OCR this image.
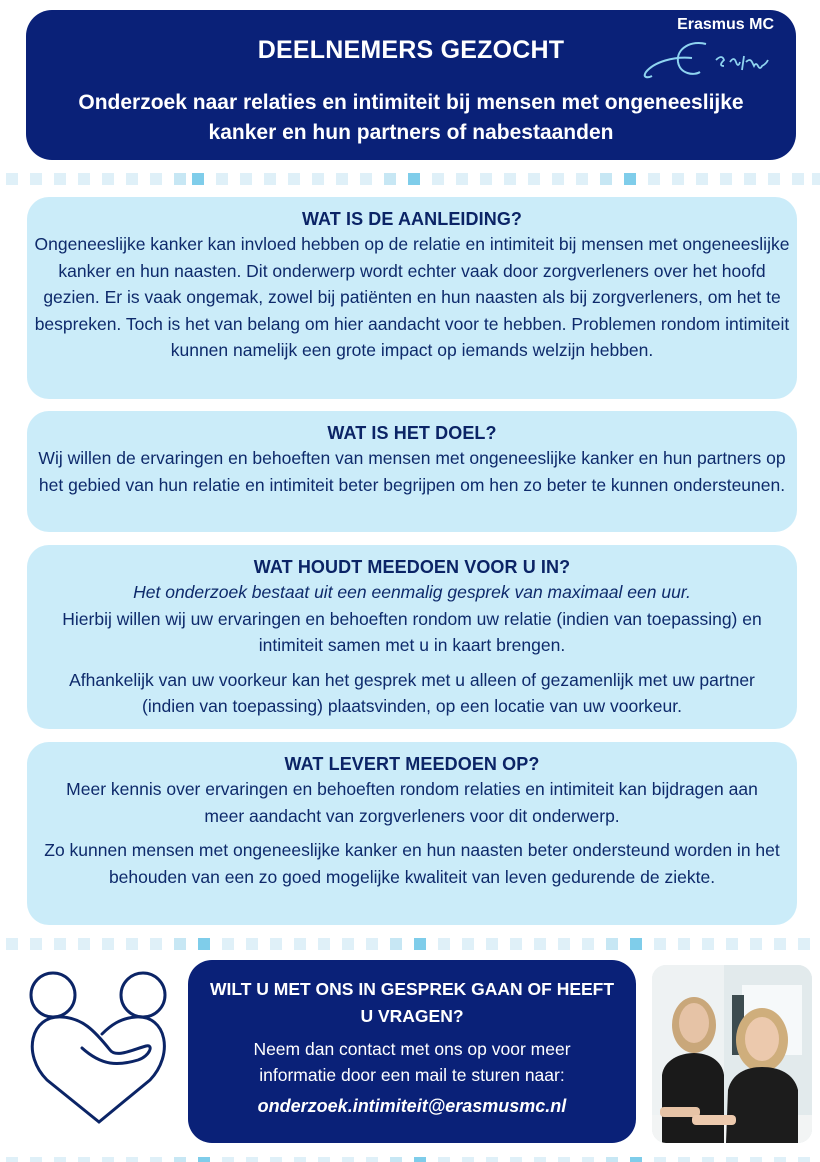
DEELNEMERS GEZOCHT
Onderzoek naar relaties en intimiteit bij mensen met ongeneeslijke kanker en hun partners of nabestaanden
Erasmus MC
WAT IS DE AANLEIDING?

Ongeneeslijke kanker kan invloed hebben op de relatie en intimiteit bij mensen met ongeneeslijke kanker en hun naasten. Dit onderwerp wordt echter vaak door zorgverleners over het hoofd gezien. Er is vaak ongemak, zowel bij patiënten en hun naasten als bij zorgverleners, om het te bespreken. Toch is het van belang om hier aandacht voor te hebben. Problemen rondom intimiteit kunnen namelijk een grote impact op iemands welzijn hebben.

WAT IS HET DOEL?

Wij willen de ervaringen en behoeften van mensen met ongeneeslijke kanker en hun partners op het gebied van hun relatie en intimiteit beter begrijpen om hen zo beter te kunnen ondersteunen.

WAT HOUDT MEEDOEN VOOR U IN?

Het onderzoek bestaat uit een eenmalig gesprek van maximaal een uur.

Hierbij willen wij uw ervaringen en behoeften rondom uw relatie (indien van toepassing) en intimiteit samen met u in kaart brengen.

Afhankelijk van uw voorkeur kan het gesprek met u alleen of gezamenlijk met uw partner (indien van toepassing) plaatsvinden, op een locatie van uw voorkeur.

WAT LEVERT MEEDOEN OP?

Meer kennis over ervaringen en behoeften rondom relaties en intimiteit kan bijdragen aan meer aandacht van zorgverleners voor dit onderwerp.

Zo kunnen mensen met ongeneeslijke kanker en hun naasten beter ondersteund worden in het behouden van een zo goed mogelijke kwaliteit van leven gedurende de ziekte.

WILT U MET ONS IN GESPREK GAAN OF HEEFT U VRAGEN?

Neem dan contact met ons op voor meer informatie door een mail te sturen naar:

onderzoek.intimiteit@erasmusmc.nl
